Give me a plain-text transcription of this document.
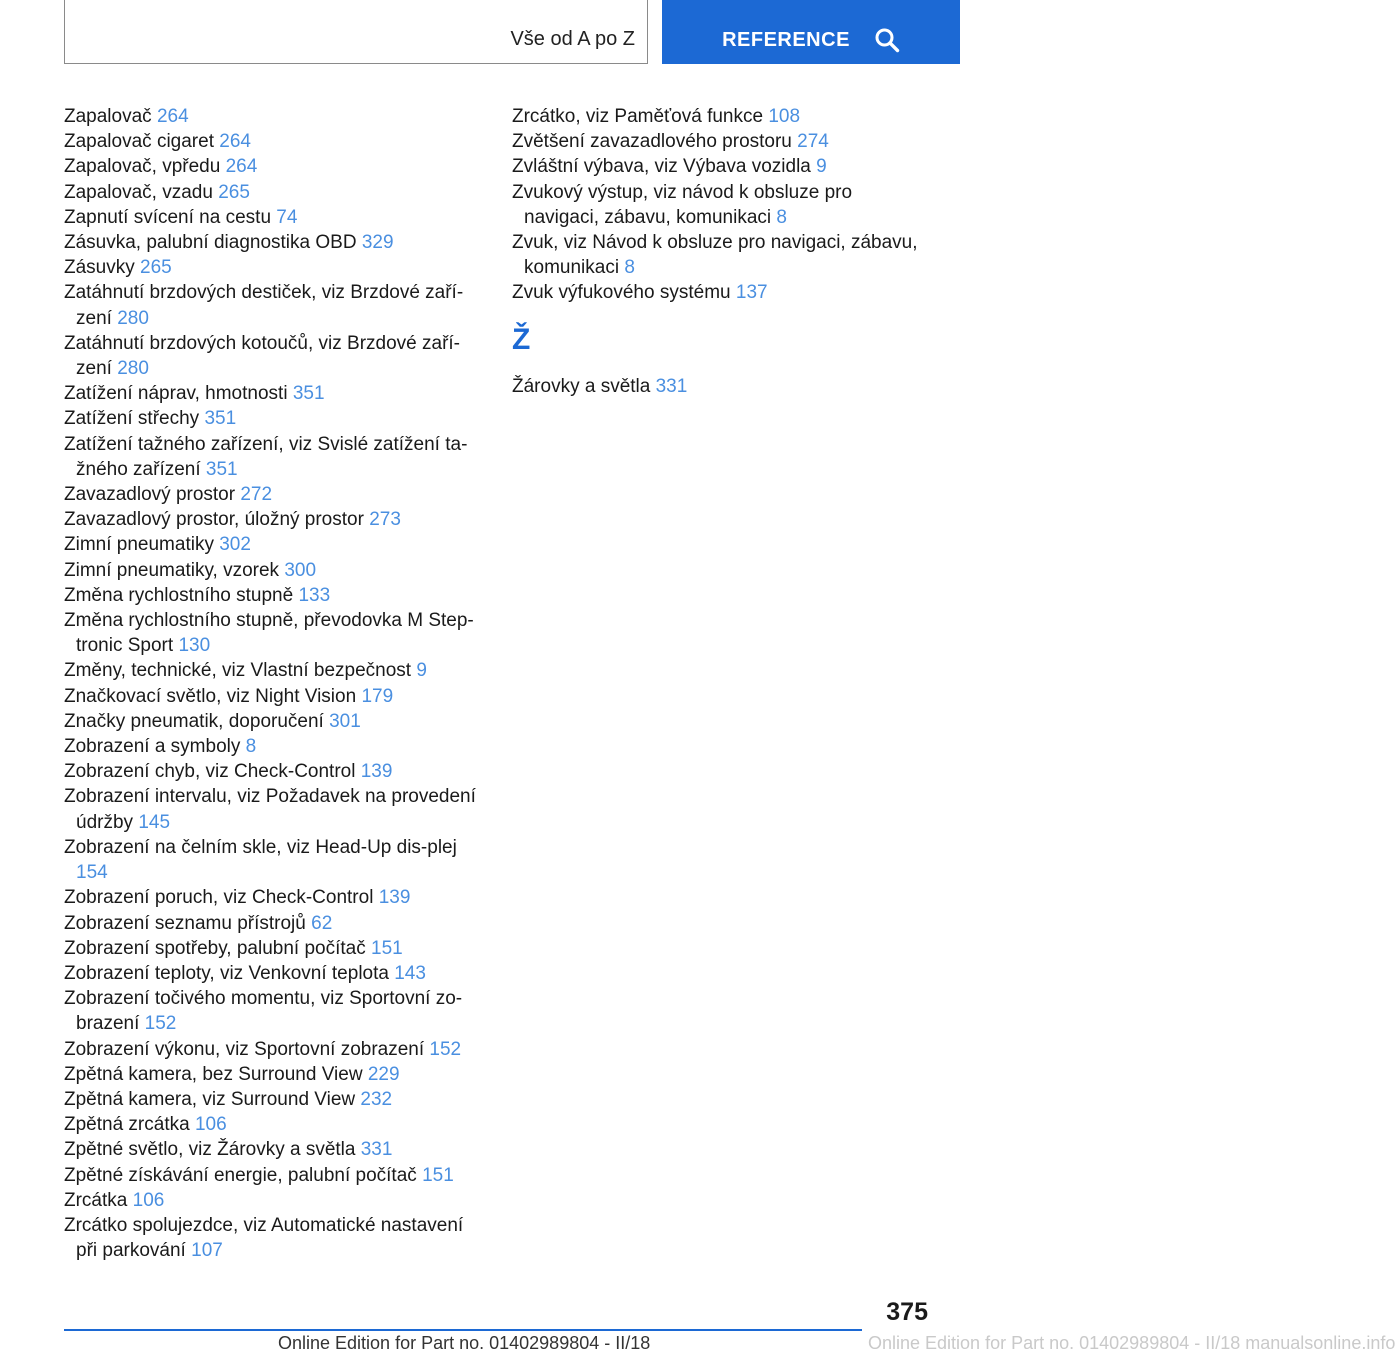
Vše od A po Z	REFERENCE

Zapalovač 264

Zapalovač cigaret 264

Zapalovač, vpředu 264

Zapalovač, vzadu 265

Zapnutí svícení na cestu 74

Zásuvka, palubní diagnostika OBD 329

Zásuvky 265

Zatáhnutí brzdových destiček, viz Brzdové zaří-zení 280

Zatáhnutí brzdových kotoučů, viz Brzdové zaří-zení 280

Zatížení náprav, hmotnosti 351

Zatížení střechy 351

Zatížení tažného zařízení, viz Svislé zatížení ta-žného zařízení 351

Zavazadlový prostor 272

Zavazadlový prostor, úložný prostor 273

Zimní pneumatiky 302

Zimní pneumatiky, vzorek 300

Změna rychlostního stupně 133

Změna rychlostního stupně, převodovka M Step-tronic Sport 130

Změny, technické, viz Vlastní bezpečnost 9

Značkovací světlo, viz Night Vision 179

Značky pneumatik, doporučení 301

Zobrazení a symboly 8

Zobrazení chyb, viz Check-Control 139

Zobrazení intervalu, viz Požadavek na provedení údržby 145

Zobrazení na čelním skle, viz Head-Up dis-plej 154

Zobrazení poruch, viz Check-Control 139

Zobrazení seznamu přístrojů 62

Zobrazení spotřeby, palubní počítač 151

Zobrazení teploty, viz Venkovní teplota 143

Zobrazení točivého momentu, viz Sportovní zo-brazení 152

Zobrazení výkonu, viz Sportovní zobrazení 152

Zpětná kamera, bez Surround View 229

Zpětná kamera, viz Surround View 232

Zpětná zrcátka 106

Zpětné světlo, viz Žárovky a světla 331

Zpětné získávání energie, palubní počítač 151

Zrcátka 106

Zrcátko spolujezdce, viz Automatické nastavení při parkování 107

Zrcátko, viz Paměťová funkce 108

Zvětšení zavazadlového prostoru 274

Zvláštní výbava, viz Výbava vozidla 9

Zvukový výstup, viz návod k obsluze pro navigaci, zábavu, komunikaci 8

Zvuk, viz Návod k obsluze pro navigaci, zábavu, komunikaci 8

Zvuk výfukového systému 137

Ž

Žárovky a světla 331

375
Online Edition for Part no. 01402989804 - II/18	Online Edition for Part no. 01402989804 - II/18 manualsonline.info
